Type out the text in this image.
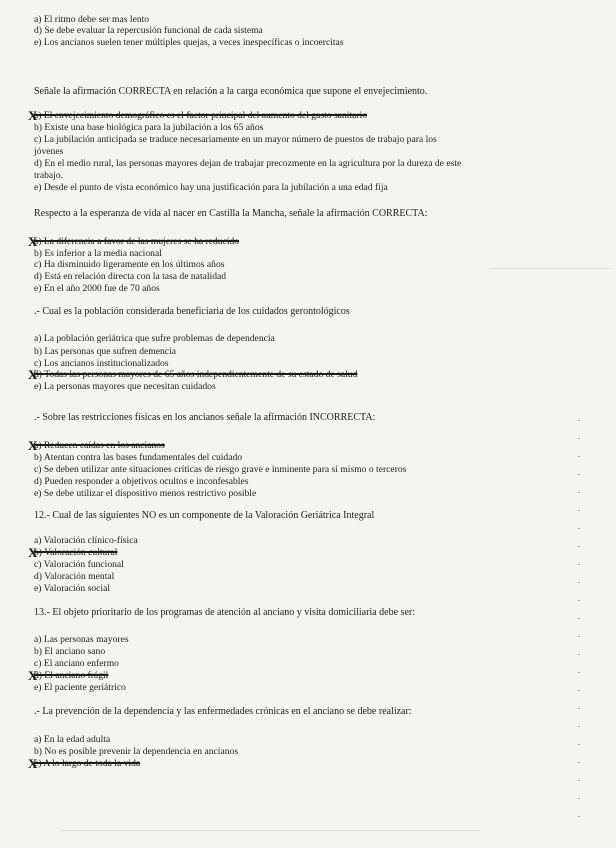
a) El ritmo debe ser mas lento
d) Se debe evaluar la repercusión funcional de cada sistema
e) Los ancianos suelen tener múltiples quejas, a veces inespecíficas o incoercitas
Señale la afirmación CORRECTA en relación a la carga económica que supone el envejecimiento.
a) El envejecimiento demográfico es el factor principal del aumento del gasto sanitario
b) Existe una base biológica para la jubilación a los 65 años
c) La jubilación anticipada se traduce necesariamente en un mayor número de puestos de trabajo para los
jóvenes
d) En el medio rural, las personas mayores dejan de trabajar precozmente en la agricultura por la dureza de este
trabajo.
e) Desde el punto de vista económico hay una justificación para la jubilación a una edad fija
Respecto a la esperanza de vida al nacer en Castilla la Mancha, señale la afirmación CORRECTA:
a) La diferencia a favor de las mujeres se ha reducido
b) Es inferior a la media nacional
c) Ha disminuido ligeramente en los últimos años
d) Está en relación directa con la tasa de natalidad
e) En el año 2000 fue de 70 años
.- Cual es la población considerada beneficiaria de los cuidados gerontológicos
a) La población geriátrica que sufre problemas de dependencia
b) Las personas que sufren demencia
c) Los ancianos institucionalizados
d) Todas las personas mayores de 65 años independientemente de su estado de salud
e) La personas mayores que necesitan cuidados
.- Sobre las restricciones físicas en los ancianos señale la afirmación INCORRECTA:
a) Reducen caídas en los ancianos
b) Atentan contra las bases fundamentales del cuidado
c) Se deben utilizar ante situaciones críticas de riesgo grave e inminente para sí mismo o terceros
d) Pueden responder a objetivos ocultos e inconfesables
e) Se debe utilizar el dispositivo menos restrictivo posible
12.- Cual de las siguientes NO es un componente de la Valoración Geriátrica Integral
a) Valoración clínico-física
b) Valoración cultural
c) Valoración funcional
d) Valoración mental
e) Valoración social
13.- El objeto prioritario de los programas de atención al anciano y visita domiciliaria debe ser:
a) Las personas mayores
b) El anciano sano
c) El anciano enfermo
d) El anciano frágil
e) El paciente geriátrico
.- La prevención de la dependencia y las enfermedades crónicas en el anciano se debe realizar:
a) En la edad adulta
b) No es posible prevenir la dependencia en ancianos
c) A lo largo de toda la vida
X
X
X
X
X
X
X
